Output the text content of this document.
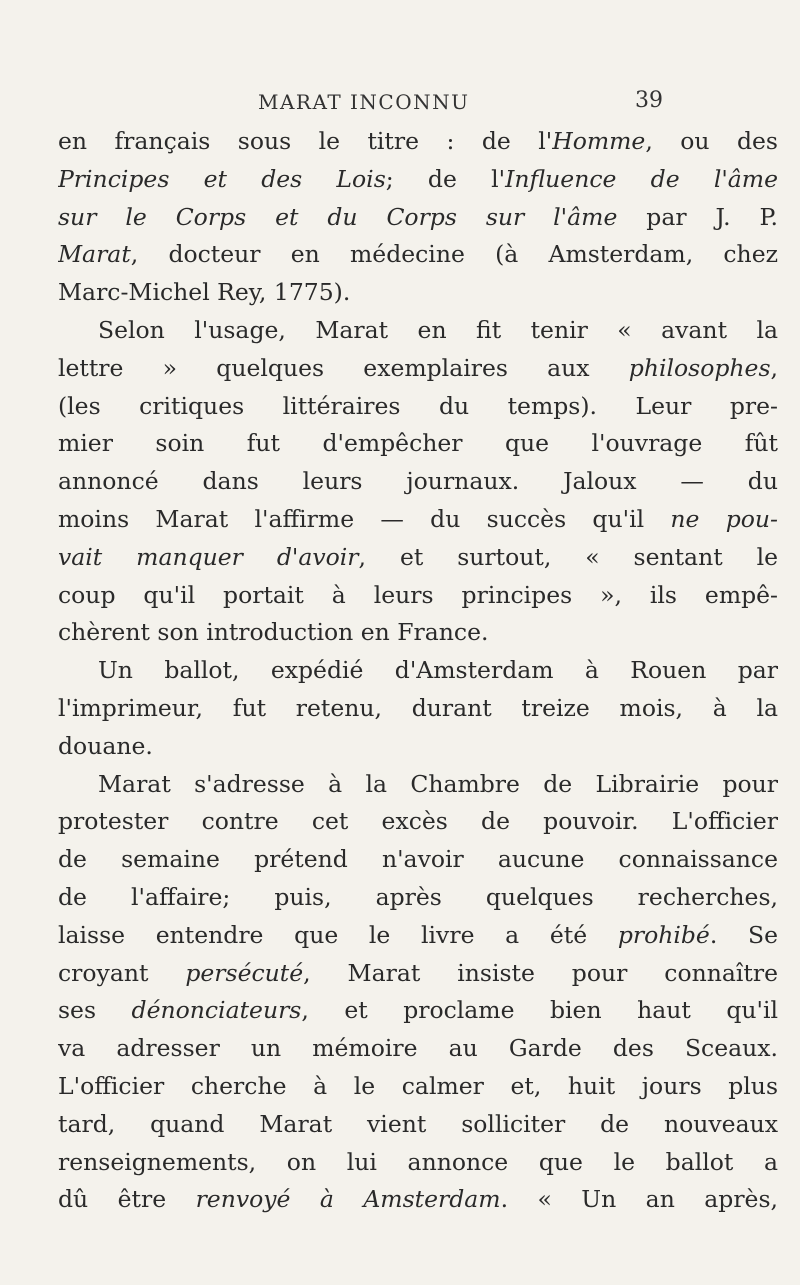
MARAT INCONNU	39
en français sous le titre : de l'Homme, ou des
Principes et des Lois; de l'Influence de l'âme
sur le Corps et du Corps sur l'âme par J. P.
Marat, docteur en médecine (à Amsterdam, chez
Marc-Michel Rey, 1775).
Selon l'usage, Marat en fit tenir « avant la
lettre » quelques exemplaires aux philosophes,
(les critiques littéraires du temps). Leur pre-
mier soin fut d'empêcher que l'ouvrage fût
annoncé dans leurs journaux. Jaloux — du
moins Marat l'affirme — du succès qu'il ne pou-
vait manquer d'avoir, et surtout, « sentant le
coup qu'il portait à leurs principes », ils empê-
chèrent son introduction en France.
Un ballot, expédié d'Amsterdam à Rouen par
l'imprimeur, fut retenu, durant treize mois, à la
douane.
Marat s'adresse à la Chambre de Librairie pour
protester contre cet excès de pouvoir. L'officier
de semaine prétend n'avoir aucune connaissance
de l'affaire; puis, après quelques recherches,
laisse entendre que le livre a été prohibé. Se
croyant persécuté, Marat insiste pour connaître
ses dénonciateurs, et proclame bien haut qu'il
va adresser un mémoire au Garde des Sceaux.
L'officier cherche à le calmer et, huit jours plus
tard, quand Marat vient solliciter de nouveaux
renseignements, on lui annonce que le ballot a
dû être renvoyé à Amsterdam. « Un an après,
